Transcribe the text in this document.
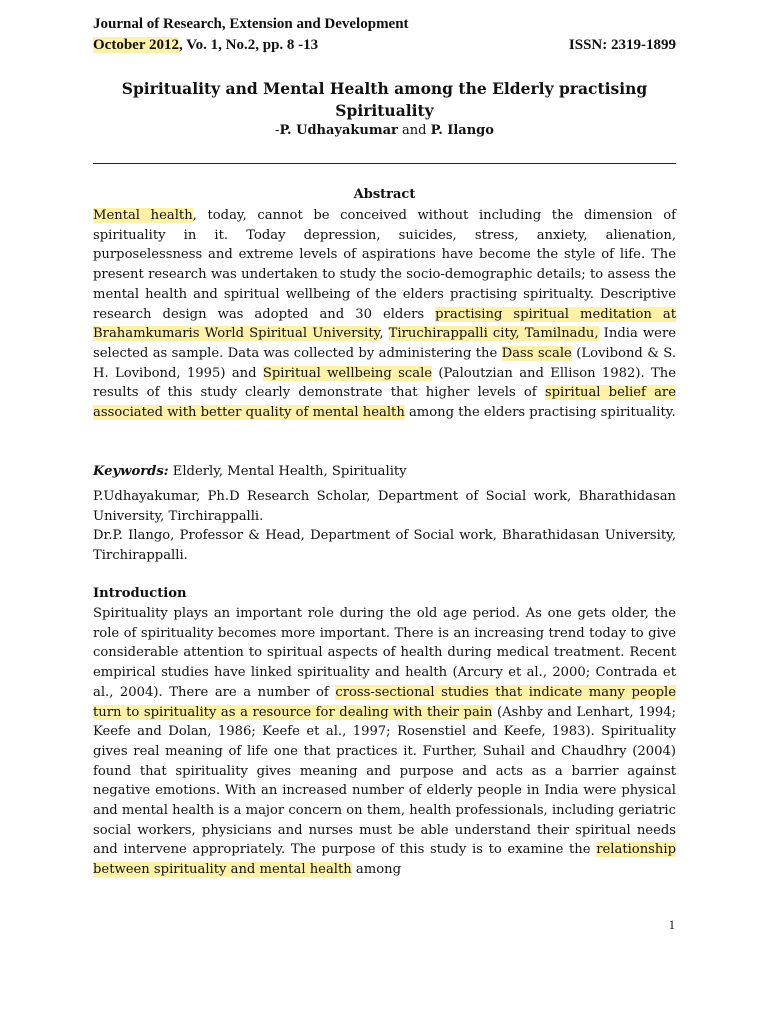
Journal of Research, Extension and Development
October 2012, Vo. 1, No.2, pp. 8 -13	ISSN: 2319-1899
Spirituality and Mental Health among the Elderly practising Spirituality
-P. Udhayakumar and P. Ilango
Abstract

Mental health, today, cannot be conceived without including the dimension of spirituality in it. Today depression, suicides, stress, anxiety, alienation, purposelessness and extreme levels of aspirations have become the style of life. The present research was undertaken to study the socio-demographic details; to assess the mental health and spiritual wellbeing of the elders practising spiritualty. Descriptive research design was adopted and 30 elders practising spiritual meditation at Brahamkumaris World Spiritual University, Tiruchirappalli city, Tamilnadu, India were selected as sample. Data was collected by administering the Dass scale (Lovibond & S. H. Lovibond, 1995) and Spiritual wellbeing scale (Paloutzian and Ellison 1982). The results of this study clearly demonstrate that higher levels of spiritual belief are associated with better quality of mental health among the elders practising spirituality.

Keywords: Elderly, Mental Health, Spirituality

P.Udhayakumar, Ph.D Research Scholar, Department of Social work, Bharathidasan University, Tirchirappalli.

Dr.P. Ilango, Professor & Head, Department of Social work, Bharathidasan University, Tirchirappalli.

Introduction

Spirituality plays an important role during the old age period. As one gets older, the role of spirituality becomes more important. There is an increasing trend today to give considerable attention to spiritual aspects of health during medical treatment. Recent empirical studies have linked spirituality and health (Arcury et al., 2000; Contrada et al., 2004). There are a number of cross-sectional studies that indicate many people turn to spirituality as a resource for dealing with their pain (Ashby and Lenhart, 1994; Keefe and Dolan, 1986; Keefe et al., 1997; Rosenstiel and Keefe, 1983). Spirituality gives real meaning of life one that practices it. Further, Suhail and Chaudhry (2004) found that spirituality gives meaning and purpose and acts as a barrier against negative emotions. With an increased number of elderly people in India were physical and mental health is a major concern on them, health professionals, including geriatric social workers, physicians and nurses must be able understand their spiritual needs and intervene appropriately. The purpose of this study is to examine the relationship between spirituality and mental health among

1
